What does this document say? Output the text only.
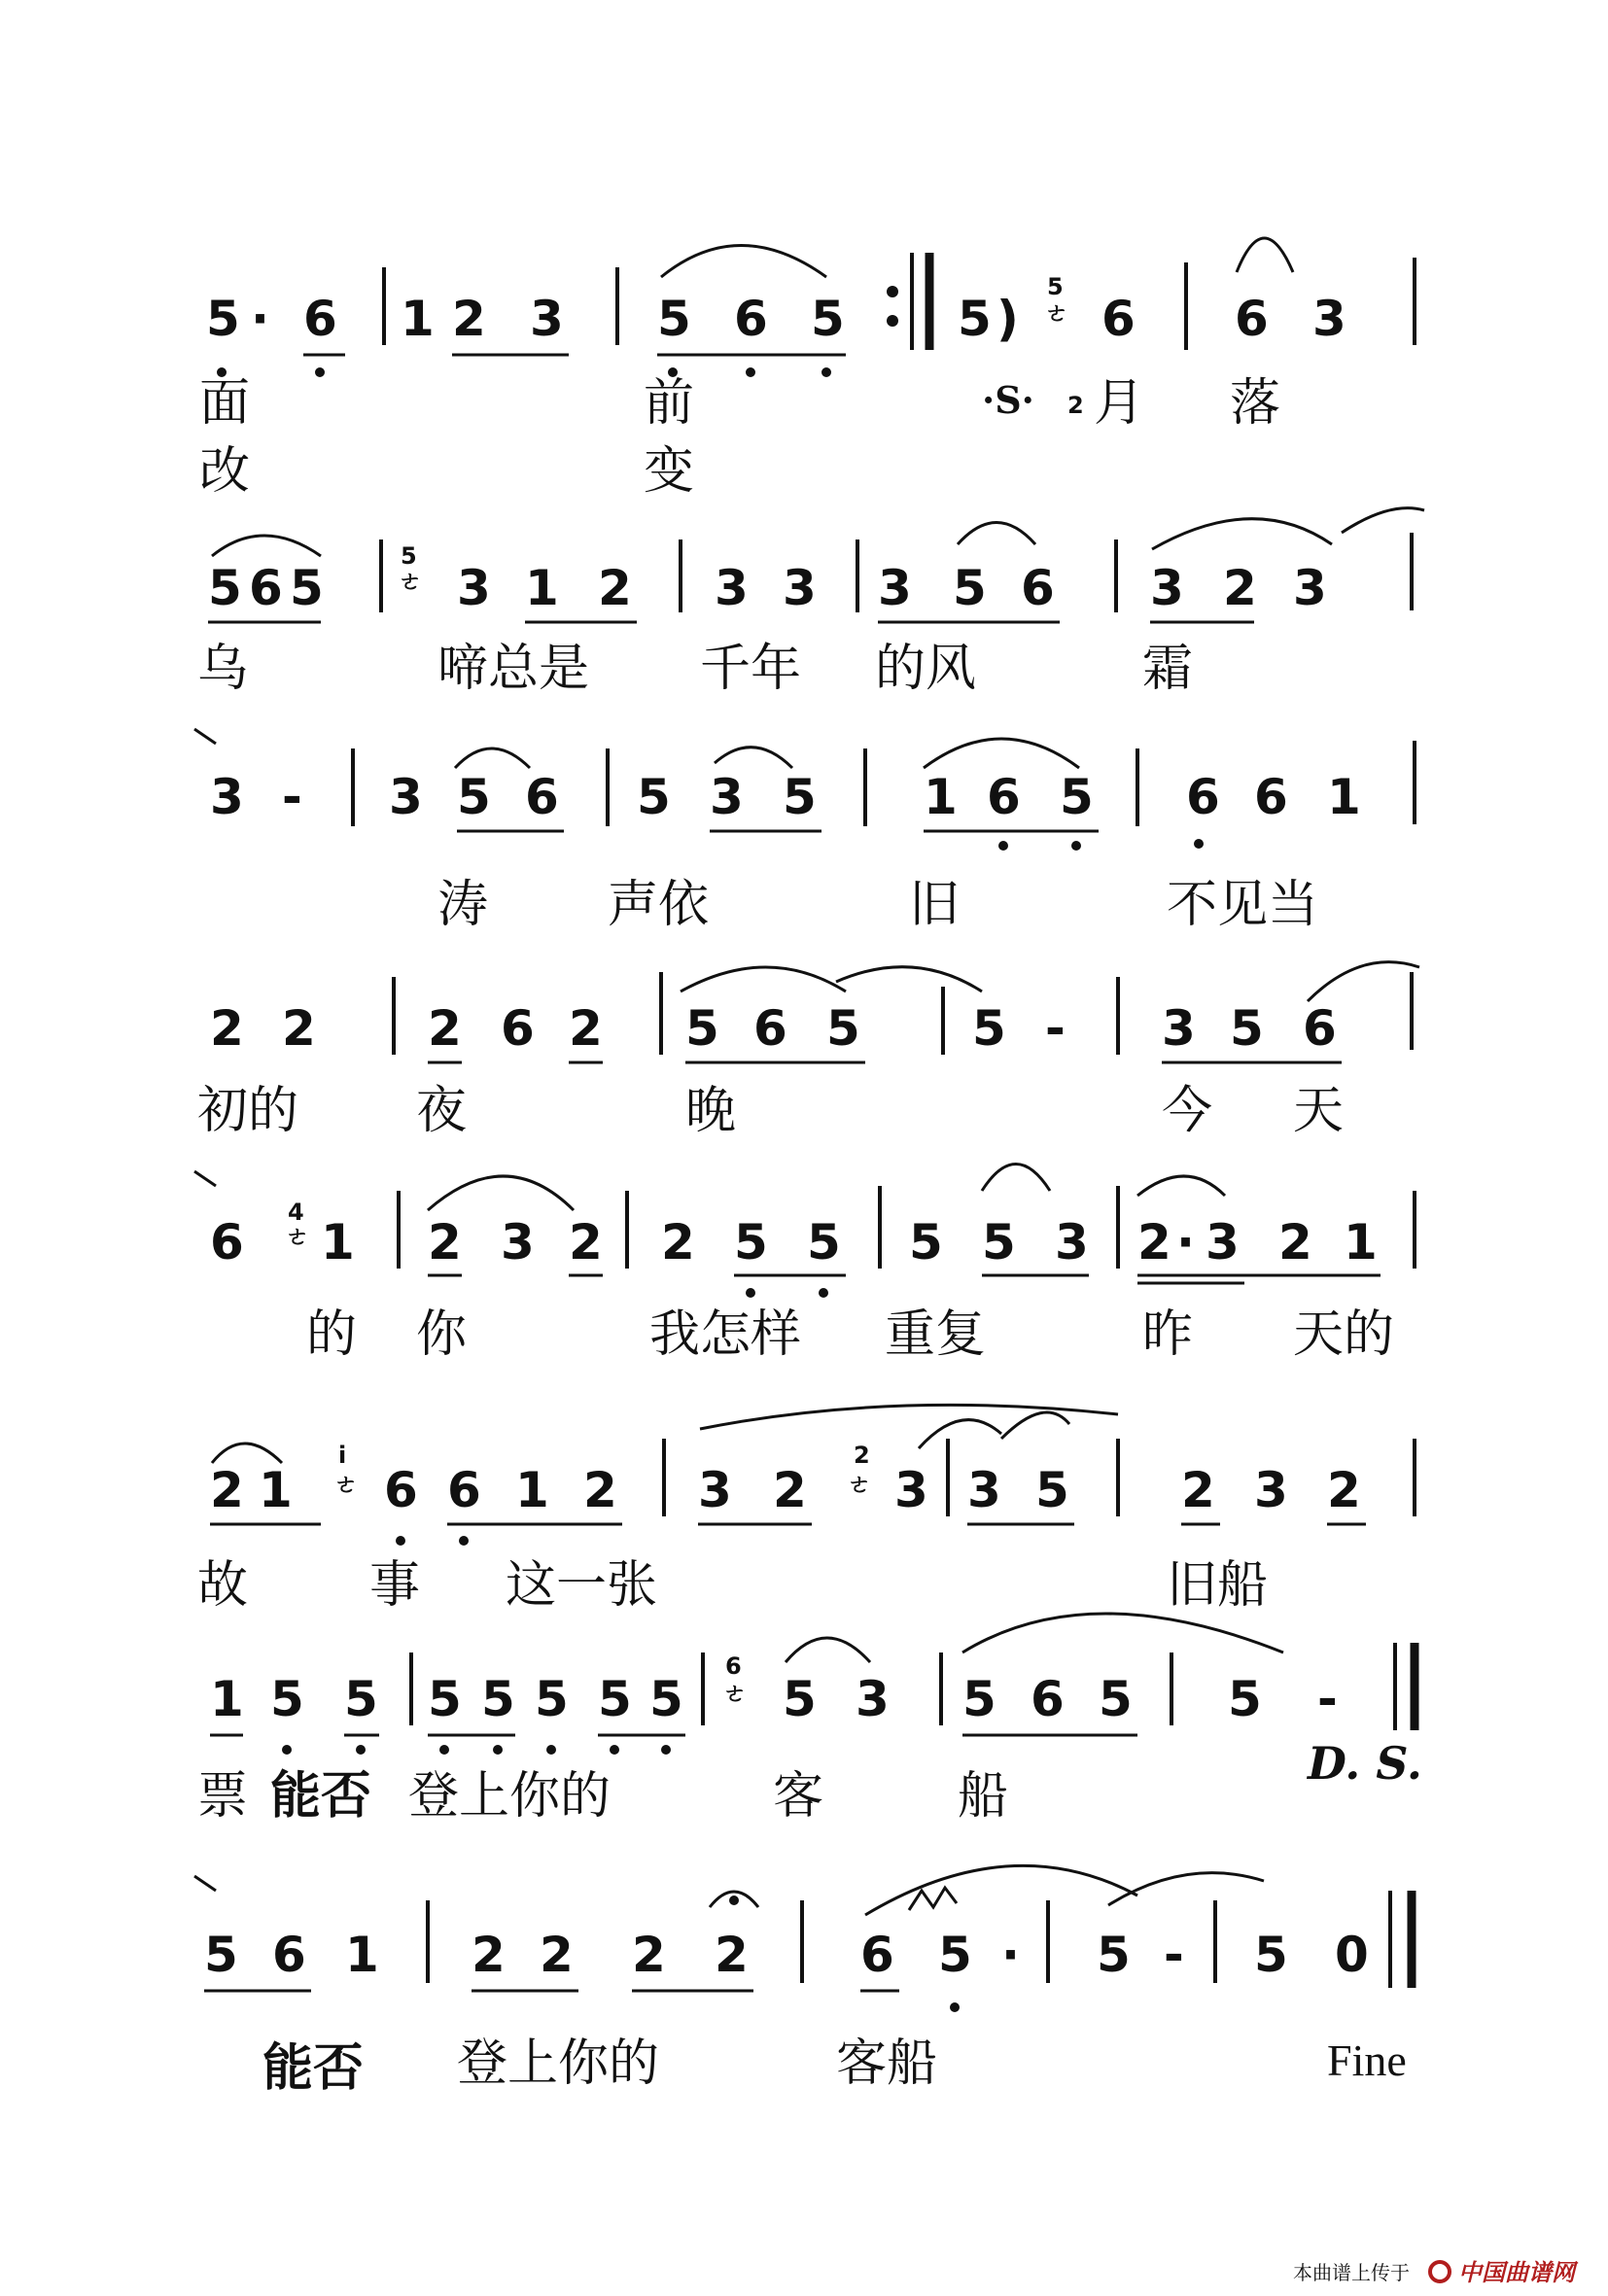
5 · 6 1 2 3 5 6 5 5 )
5
ㄜ 6 6 3
面	前	·S· 2 月 落
改	变
5 6 5
5
ㄜ 3 1 2 3 3 3 5 6 3 2 3
乌	啼总是 千年 的风	霜
3 - 3 5 6 5 3 5 1 6 5 6 6 1
涛 声依	旧	不见当
2 2 2 6 2 5 6 5 5 - 3 5 6
初的 夜	晚	今 天
6
4
ㄜ 1 2 3 2 2 5 5 5 5 3 2 · 3 2 1
的 你	我怎样 重复	昨 天的
2 1
i
ㄜ 6 6 1 2 3 2
2
ㄜ 3 3 5 2 3 2
故 事 这一张	旧船
1 5 5 5 5 5 5 5
6
ㄜ 5 3 5 6 5 5 -
票 能否 登上你的	客	船
D. S.
5 6 1 2 2 2 2 6 5 · 5 - 5 0
能否 登上你的	客船	Fine
本曲谱上传于 中国曲谱网
